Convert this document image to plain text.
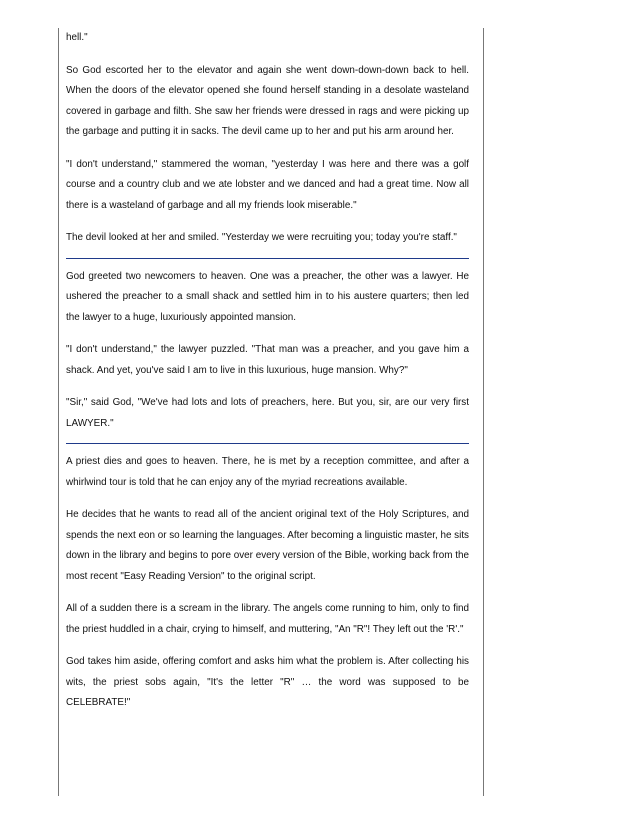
hell."

So God escorted her to the elevator and again she went down-down-down back to hell. When the doors of the elevator opened she found herself standing in a desolate wasteland covered in garbage and filth. She saw her friends were dressed in rags and were picking up the garbage and putting it in sacks. The devil came up to her and put his arm around her.

"I don't understand," stammered the woman, "yesterday I was here and there was a golf course and a country club and we ate lobster and we danced and had a great time. Now all there is a wasteland of garbage and all my friends look miserable."

The devil looked at her and smiled. "Yesterday we were recruiting you; today you're staff."

God greeted two newcomers to heaven. One was a preacher, the other was a lawyer. He ushered the preacher to a small shack and settled him in to his austere quarters; then led the lawyer to a huge, luxuriously appointed mansion.

"I don't understand," the lawyer puzzled. "That man was a preacher, and you gave him a shack. And yet, you've said I am to live in this luxurious, huge mansion. Why?"

"Sir," said God, "We've had lots and lots of preachers, here. But you, sir, are our very first LAWYER."

A priest dies and goes to heaven. There, he is met by a reception committee, and after a whirlwind tour is told that he can enjoy any of the myriad recreations available.

He decides that he wants to read all of the ancient original text of the Holy Scriptures, and spends the next eon or so learning the languages. After becoming a linguistic master, he sits down in the library and begins to pore over every version of the Bible, working back from the most recent "Easy Reading Version" to the original script.

All of a sudden there is a scream in the library. The angels come running to him, only to find the priest huddled in a chair, crying to himself, and muttering, "An "R"! They left out the 'R'."

God takes him aside, offering comfort and asks him what the problem is. After collecting his wits, the priest sobs again, "It's the letter "R" … the word was supposed to be CELEBRATE!"
